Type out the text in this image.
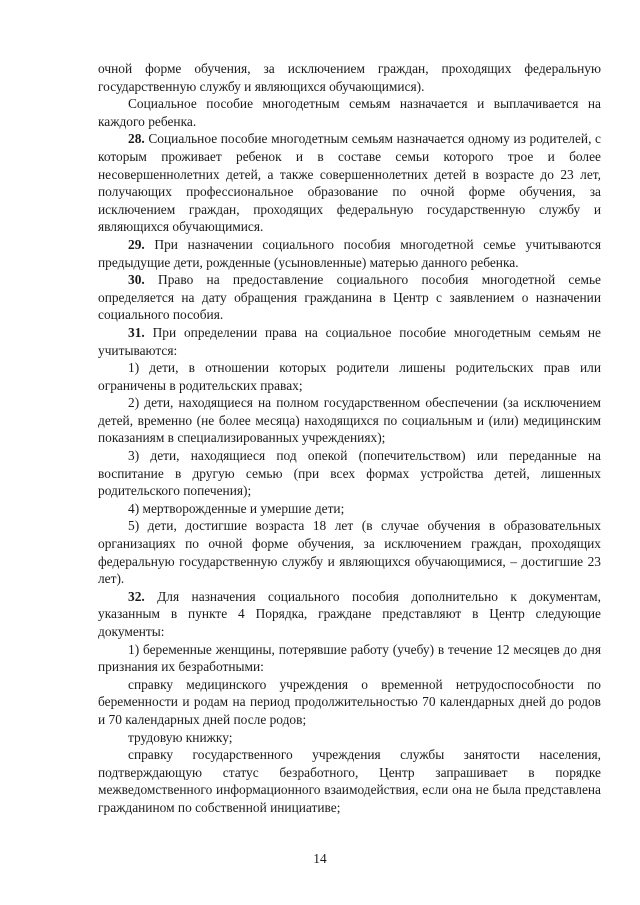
очной форме обучения, за исключением граждан, проходящих федеральную государственную службу и являющихся обучающимися).

Социальное пособие многодетным семьям назначается и выплачивается на каждого ребенка.

28. Социальное пособие многодетным семьям назначается одному из родителей, с которым проживает ребенок и в составе семьи которого трое и более несовершеннолетних детей, а также совершеннолетних детей в возрасте до 23 лет, получающих профессиональное образование по очной форме обучения, за исключением граждан, проходящих федеральную государственную службу и являющихся обучающимися.

29. При назначении социального пособия многодетной семье учитываются предыдущие дети, рожденные (усыновленные) матерью данного ребенка.

30. Право на предоставление социального пособия многодетной семье определяется на дату обращения гражданина в Центр с заявлением о назначении социального пособия.

31. При определении права на социальное пособие многодетным семьям не учитываются:

1) дети, в отношении которых родители лишены родительских прав или ограничены в родительских правах;

2) дети, находящиеся на полном государственном обеспечении (за исключением детей, временно (не более месяца) находящихся по социальным и (или) медицинским показаниям в специализированных учреждениях);

3) дети, находящиеся под опекой (попечительством) или переданные на воспитание в другую семью (при всех формах устройства детей, лишенных родительского попечения);

4) мертворожденные и умершие дети;

5) дети, достигшие возраста 18 лет (в случае обучения в образовательных организациях по очной форме обучения, за исключением граждан, проходящих федеральную государственную службу и являющихся обучающимися, – достигшие 23 лет).

32. Для назначения социального пособия дополнительно к документам, указанным в пункте 4 Порядка, граждане представляют в Центр следующие документы:

1) беременные женщины, потерявшие работу (учебу) в течение 12 месяцев до дня признания их безработными:

справку медицинского учреждения о временной нетрудоспособности по беременности и родам на период продолжительностью 70 календарных дней до родов и 70 календарных дней после родов;

трудовую книжку;

справку государственного учреждения службы занятости населения, подтверждающую статус безработного, Центр запрашивает в порядке межведомственного информационного взаимодействия, если она не была представлена гражданином по собственной инициативе;

14
